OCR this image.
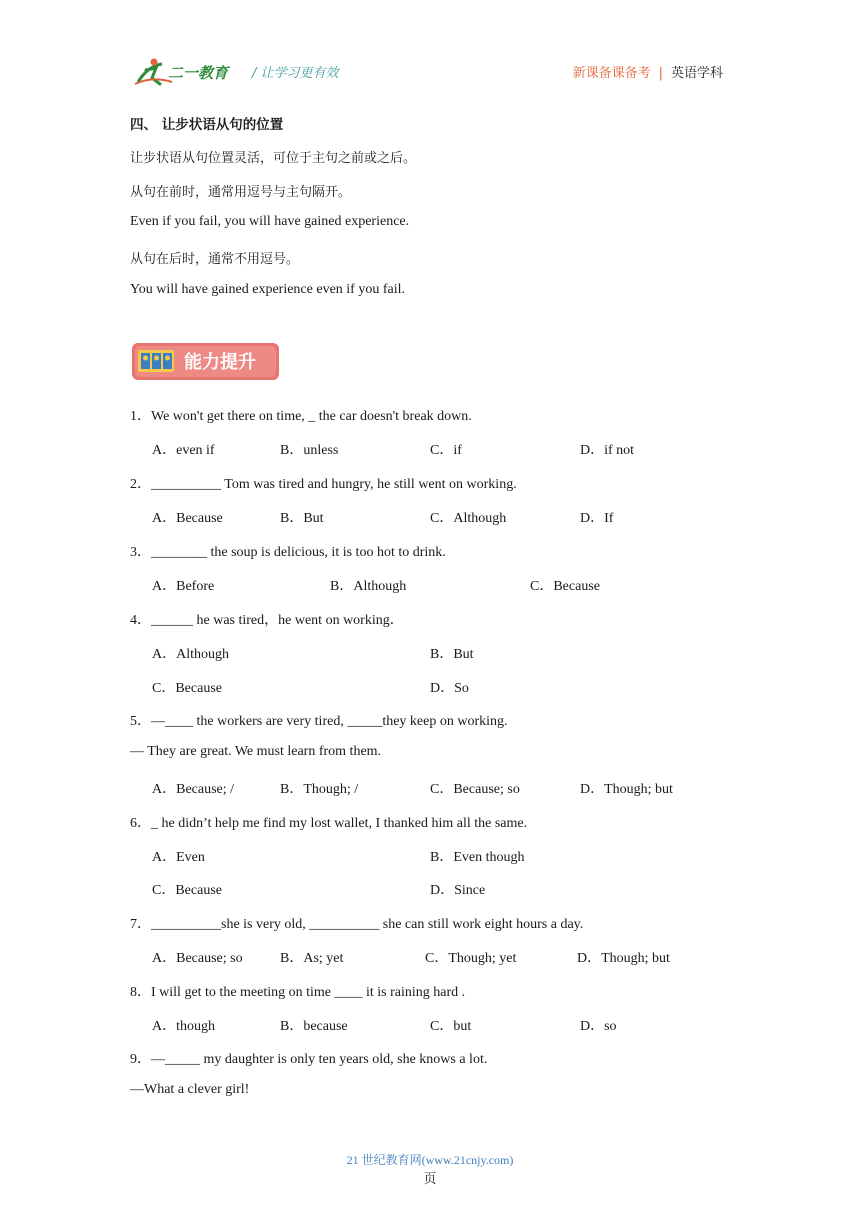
二一教育 / 让学习更有效	新课备课备考 | 英语学科
四、 让步状语从句的位置
让步状语从句位置灵活，可位于主句之前或之后。
从句在前时，通常用逗号与主句隔开。
Even if you fail, you will have gained experience.
从句在后时，通常不用逗号。
You will have gained experience even if you fail.
能力提升
1．We won't get there on time, _ the car doesn't break down.
A．even if	B．unless	C．if	D．if not
2．__________ Tom was tired and hungry, he still went on working.
A．Because	B．But	C．Although	D．If
3．________ the soup is delicious, it is too hot to drink.
A．Before	B．Although	C．Because
4．______ he was tired，he went on working．
A．Although	B．But
C．Because	D．So
5．—____ the workers are very tired, _____they keep on working.
— They are great. We must learn from them.
A．Because; /	B．Though; /	C．Because; so	D．Though; but
6．_ he didn’t help me find my lost wallet, I thanked him all the same.
A．Even	B．Even though
C．Because	D．Since
7．__________she is very old, __________ she can still work eight hours a day.
A．Because; so	B．As; yet	C．Though; yet	D．Though; but
8．I will get to the meeting on time ____ it is raining hard .
A．though	B．because	C．but	D．so
9．—_____ my daughter is only ten years old, she knows a lot.
—What a clever girl!
21 世纪教育网(www.21cnjy.com)
页
